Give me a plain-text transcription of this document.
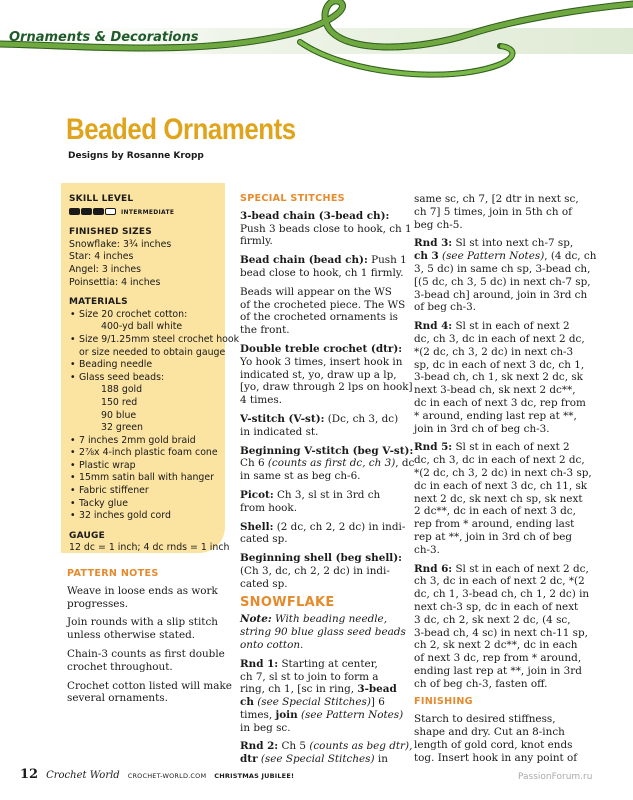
Ornaments & Decorations
Beaded Ornaments
Designs by Rosanne Kropp
SKILL LEVEL
INTERMEDIATE
FINISHED SIZES
Snowflake: 3¾ inches
Star: 4 inches
Angel: 3 inches
Poinsettia: 4 inches
MATERIALS
• Size 20 crochet cotton:
400-yd ball white
• Size 9/1.25mm steel crochet hook
or size needed to obtain gauge
• Beading needle
• Glass seed beads:
188 gold
150 red
90 blue
32 green
• 7 inches 2mm gold braid
• 2⅞x 4-inch plastic foam cone
• Plastic wrap
• 15mm satin ball with hanger
• Fabric stiffener
• Tacky glue
• 32 inches gold cord
GAUGE
12 dc = 1 inch; 4 dc rnds = 1 inch

PATTERN NOTES

Weave in loose ends as work
progresses.

Join rounds with a slip stitch
unless otherwise stated.

Chain-3 counts as first double
crochet throughout.

Crochet cotton listed will make
several ornaments.

SPECIAL STITCHES

3-bead chain (3-bead ch):
Push 3 beads close to hook, ch 1
firmly.

Bead chain (bead ch): Push 1
bead close to hook, ch 1 firmly.

Beads will appear on the WS
of the crocheted piece. The WS
of the crocheted ornaments is
the front.

Double treble crochet (dtr):
Yo hook 3 times, insert hook in
indicated st, yo, draw up a lp,
[yo, draw through 2 lps on hook]
4 times.

V-stitch (V-st): (Dc, ch 3, dc)
in indicated st.

Beginning V-stitch (beg V-st):
Ch 6 (counts as first dc, ch 3), dc
in same st as beg ch-6.

Picot: Ch 3, sl st in 3rd ch
from hook.

Shell: (2 dc, ch 2, 2 dc) in indi-
cated sp.

Beginning shell (beg shell):
(Ch 3, dc, ch 2, 2 dc) in indi-
cated sp.

SNOWFLAKE

Note: With beading needle,
string 90 blue glass seed beads
onto cotton.

Rnd 1: Starting at center,
ch 7, sl st to join to form a
ring, ch 1, [sc in ring, 3-bead
ch (see Special Stitches)] 6
times, join (see Pattern Notes)
in beg sc.

Rnd 2: Ch 5 (counts as beg dtr),
dtr (see Special Stitches) in

same sc, ch 7, [2 dtr in next sc,
ch 7] 5 times, join in 5th ch of
beg ch-5.

Rnd 3: Sl st into next ch-7 sp,
ch 3 (see Pattern Notes), (4 dc, ch
3, 5 dc) in same ch sp, 3-bead ch,
[(5 dc, ch 3, 5 dc) in next ch-7 sp,
3-bead ch] around, join in 3rd ch
of beg ch-3.

Rnd 4: Sl st in each of next 2
dc, ch 3, dc in each of next 2 dc,
*(2 dc, ch 3, 2 dc) in next ch-3
sp, dc in each of next 3 dc, ch 1,
3-bead ch, ch 1, sk next 2 dc, sk
next 3-bead ch, sk next 2 dc**,
dc in each of next 3 dc, rep from
* around, ending last rep at **,
join in 3rd ch of beg ch-3.

Rnd 5: Sl st in each of next 2
dc, ch 3, dc in each of next 2 dc,
*(2 dc, ch 3, 2 dc) in next ch-3 sp,
dc in each of next 3 dc, ch 11, sk
next 2 dc, sk next ch sp, sk next
2 dc**, dc in each of next 3 dc,
rep from * around, ending last
rep at **, join in 3rd ch of beg
ch-3.

Rnd 6: Sl st in each of next 2 dc,
ch 3, dc in each of next 2 dc, *(2
dc, ch 1, 3-bead ch, ch 1, 2 dc) in
next ch-3 sp, dc in each of next
3 dc, ch 2, sk next 2 dc, (4 sc,
3-bead ch, 4 sc) in next ch-11 sp,
ch 2, sk next 2 dc**, dc in each
of next 3 dc, rep from * around,
ending last rep at **, join in 3rd
ch of beg ch-3, fasten off.

FINISHING

Starch to desired stiffness,
shape and dry. Cut an 8-inch
length of gold cord, knot ends
tog. Insert hook in any point of

12 Crochet World CROCHET-WORLD.COM CHRISTMAS JUBILEE!	PassionForum.ru
